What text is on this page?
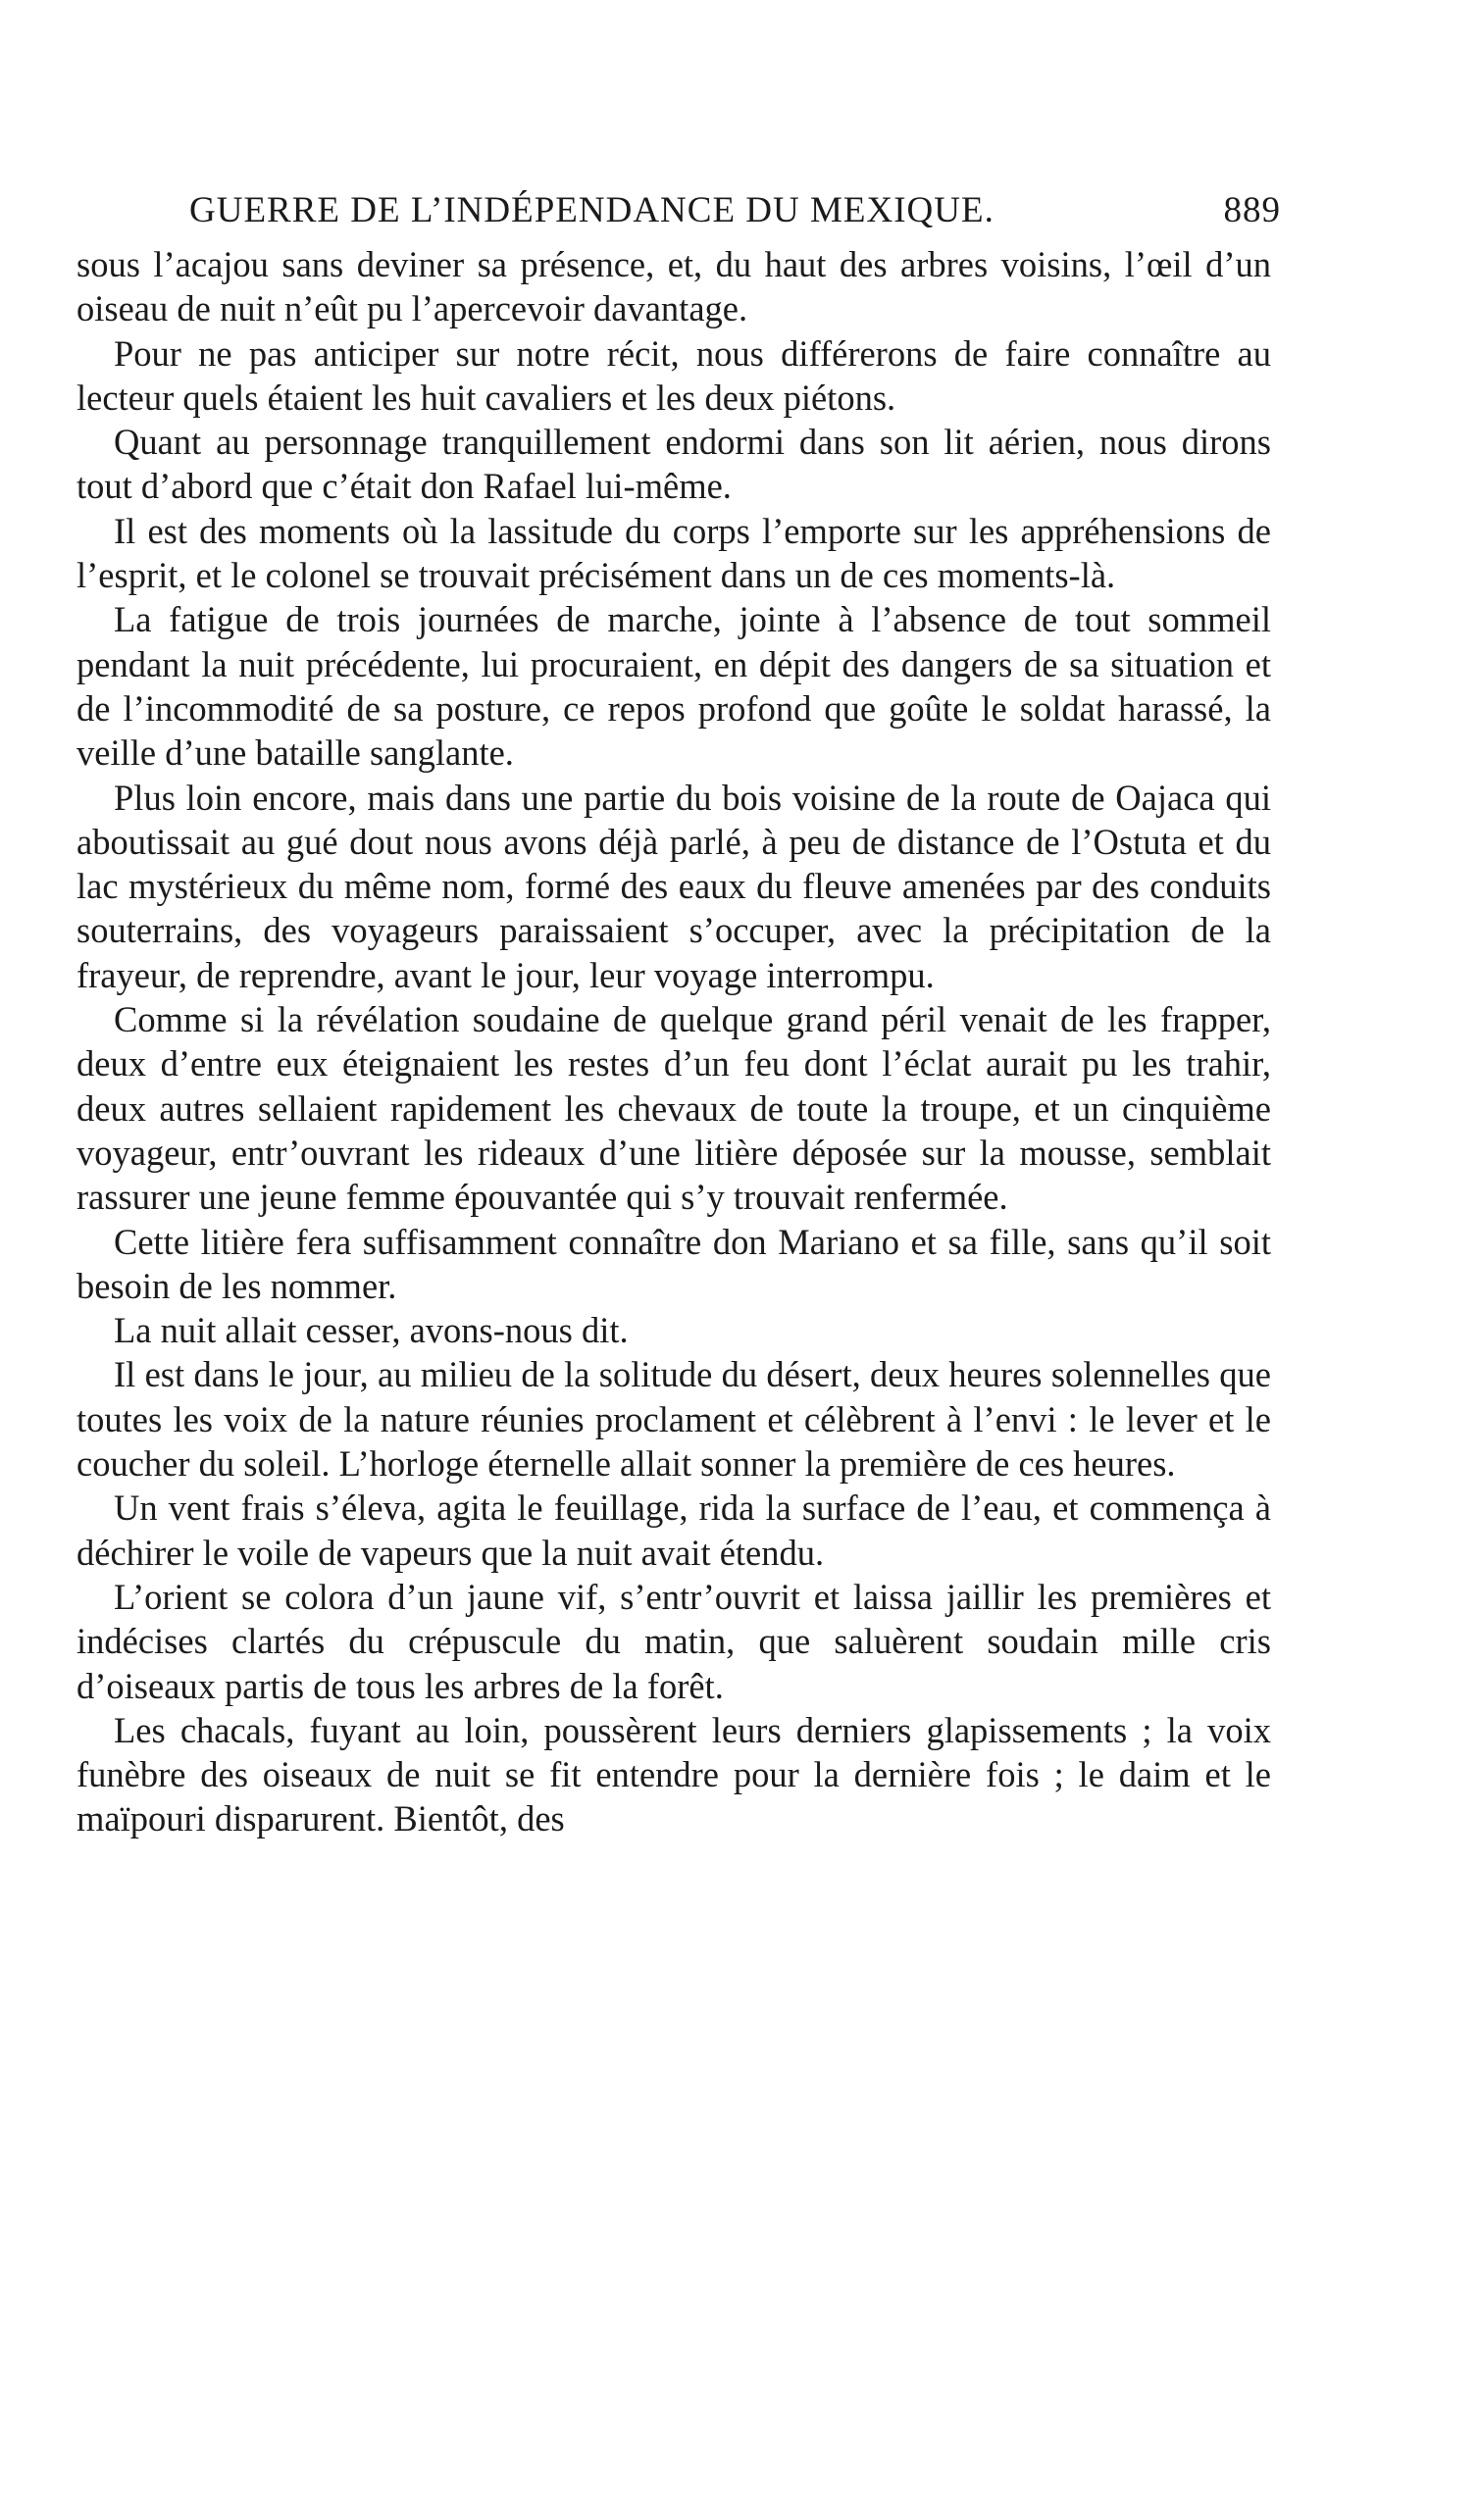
GUERRE DE L’INDÉPENDANCE DU MEXIQUE.	889

sous l’acajou sans deviner sa présence, et, du haut des arbres voisins, l’œil d’un oiseau de nuit n’eût pu l’apercevoir davantage.

Pour ne pas anticiper sur notre récit, nous différerons de faire connaître au lecteur quels étaient les huit cavaliers et les deux piétons.

Quant au personnage tranquillement endormi dans son lit aérien, nous dirons tout d’abord que c’était don Rafael lui-même.

Il est des moments où la lassitude du corps l’emporte sur les appréhensions de l’esprit, et le colonel se trouvait précisément dans un de ces moments-là.

La fatigue de trois journées de marche, jointe à l’absence de tout sommeil pendant la nuit précédente, lui procuraient, en dépit des dangers de sa situation et de l’incommodité de sa posture, ce repos profond que goûte le soldat harassé, la veille d’une bataille sanglante.

Plus loin encore, mais dans une partie du bois voisine de la route de Oajaca qui aboutissait au gué dout nous avons déjà parlé, à peu de distance de l’Ostuta et du lac mystérieux du même nom, formé des eaux du fleuve amenées par des conduits souterrains, des voyageurs paraissaient s’occuper, avec la précipitation de la frayeur, de reprendre, avant le jour, leur voyage interrompu.

Comme si la révélation soudaine de quelque grand péril venait de les frapper, deux d’entre eux éteignaient les restes d’un feu dont l’éclat aurait pu les trahir, deux autres sellaient rapidement les chevaux de toute la troupe, et un cinquième voyageur, entr’ouvrant les rideaux d’une litière déposée sur la mousse, semblait rassurer une jeune femme épouvantée qui s’y trouvait renfermée.

Cette litière fera suffisamment connaître don Mariano et sa fille, sans qu’il soit besoin de les nommer.

La nuit allait cesser, avons-nous dit.

Il est dans le jour, au milieu de la solitude du désert, deux heures solennelles que toutes les voix de la nature réunies proclament et célèbrent à l’envi : le lever et le coucher du soleil. L’horloge éternelle allait sonner la première de ces heures.

Un vent frais s’éleva, agita le feuillage, rida la surface de l’eau, et commença à déchirer le voile de vapeurs que la nuit avait étendu.

L’orient se colora d’un jaune vif, s’entr’ouvrit et laissa jaillir les premières et indécises clartés du crépuscule du matin, que saluèrent soudain mille cris d’oiseaux partis de tous les arbres de la forêt.

Les chacals, fuyant au loin, poussèrent leurs derniers glapissements ; la voix funèbre des oiseaux de nuit se fit entendre pour la dernière fois ; le daim et le maïpouri disparurent. Bientôt, des
